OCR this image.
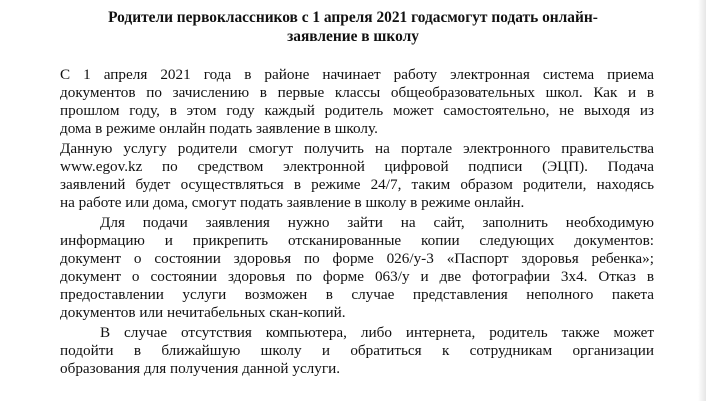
Родители первоклассников с 1 апреля 2021 годасмогут подать онлайн-
заявление в школу
С 1 апреля 2021 года в районе начинает работу электронная система приема
документов по зачислению в первые классы общеобразовательных школ. Как и в
прошлом году, в этом году каждый родитель может самостоятельно, не выходя из
дома в режиме онлайн подать заявление в школу.
Данную услугу родители смогут получить на портале электронного правительства
www.egov.kz по средством электронной цифровой подписи (ЭЦП). Подача
заявлений будет осуществляться в режиме 24/7, таким образом родители, находясь
на работе или дома, смогут подать заявление в школу в режиме онлайн.
Для подачи заявления нужно зайти на сайт, заполнить необходимую
информацию и прикрепить отсканированные копии следующих документов:
документ о состоянии здоровья по форме 026/у-3 «Паспорт здоровья ребенка»;
документ о состоянии здоровья по форме 063/у и две фотографии 3х4. Отказ в
предоставлении услуги возможен в случае представления неполного пакета
документов или нечитабельных скан-копий.
В случае отсутствия компьютера, либо интернета, родитель также может
подойти в ближайшую школу и обратиться к сотрудникам организации
образования для получения данной услуги.
